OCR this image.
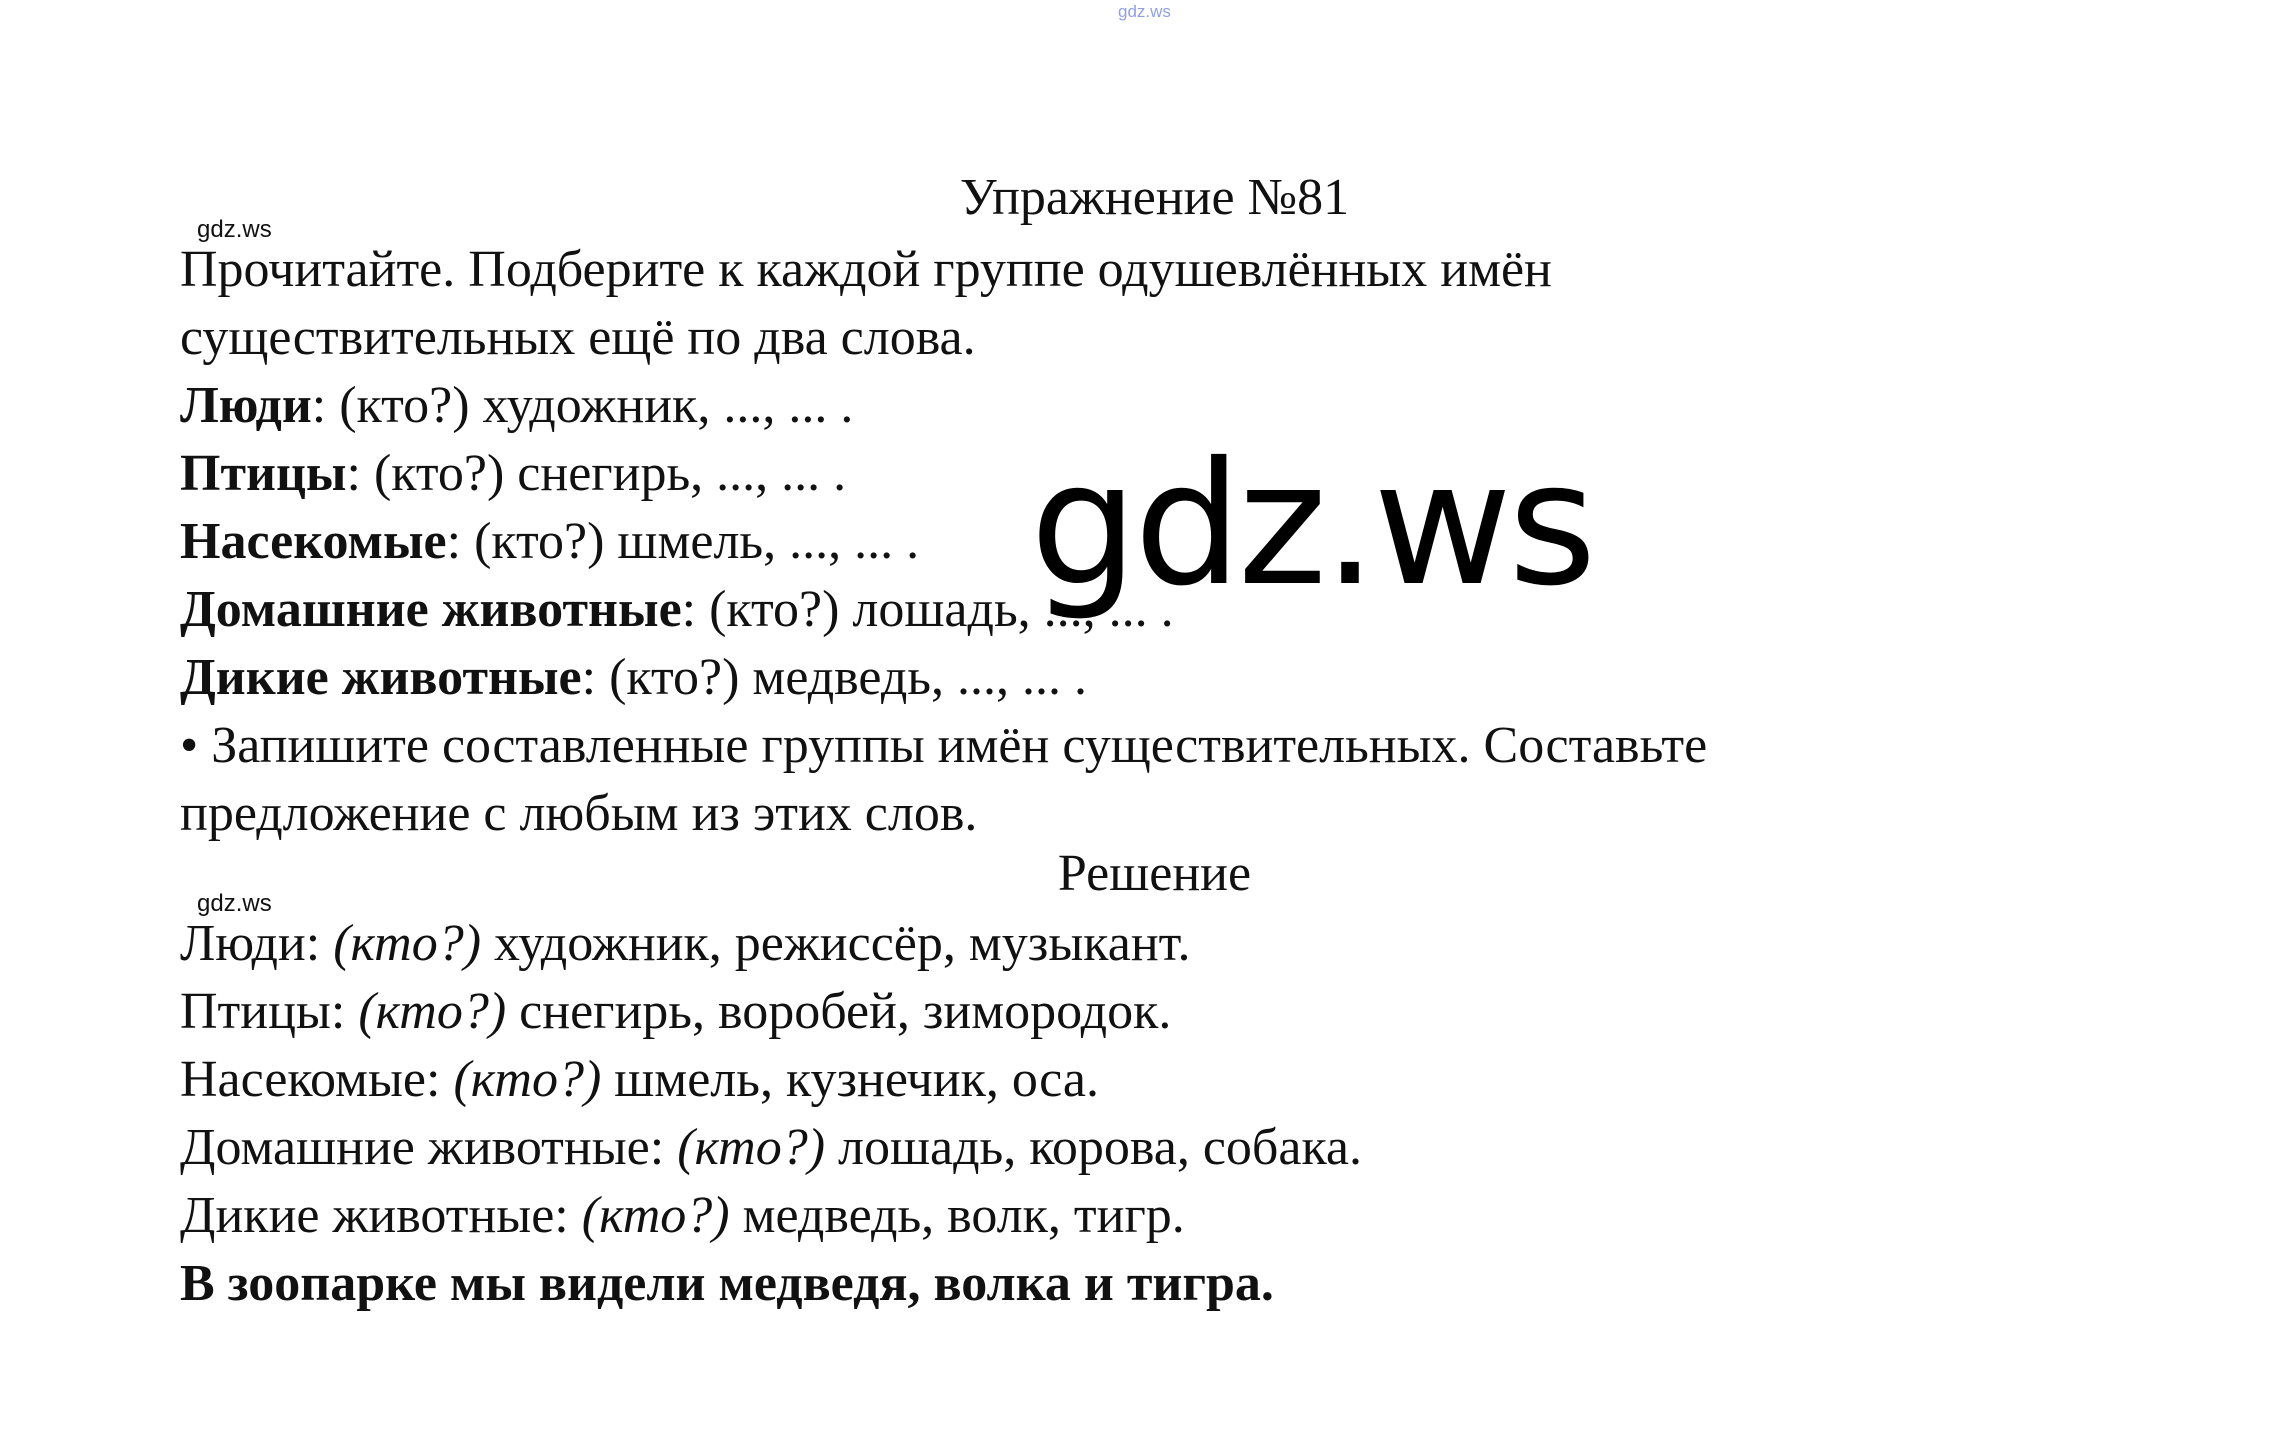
gdz.ws
gdz.ws
gdz.ws
gdz.ws
Упражнение №81
Прочитайте. Подберите к каждой группе одушевлённых имён
существительных ещё по два слова.
Люди: (кто?) художник, ..., ... .
Птицы: (кто?) снегирь, ..., ... .
Насекомые: (кто?) шмель, ..., ... .
Домашние животные: (кто?) лошадь, ..., ... .
Дикие животные: (кто?) медведь, ..., ... .
• Запишите составленные группы имён существительных. Составьте
предложение с любым из этих слов.
Решение
Люди: (кто?) художник, режиссёр, музыкант.
Птицы: (кто?) снегирь, воробей, зимородок.
Насекомые: (кто?) шмель, кузнечик, оса.
Домашние животные: (кто?) лошадь, корова, собака.
Дикие животные: (кто?) медведь, волк, тигр.
В зоопарке мы видели медведя, волка и тигра.
